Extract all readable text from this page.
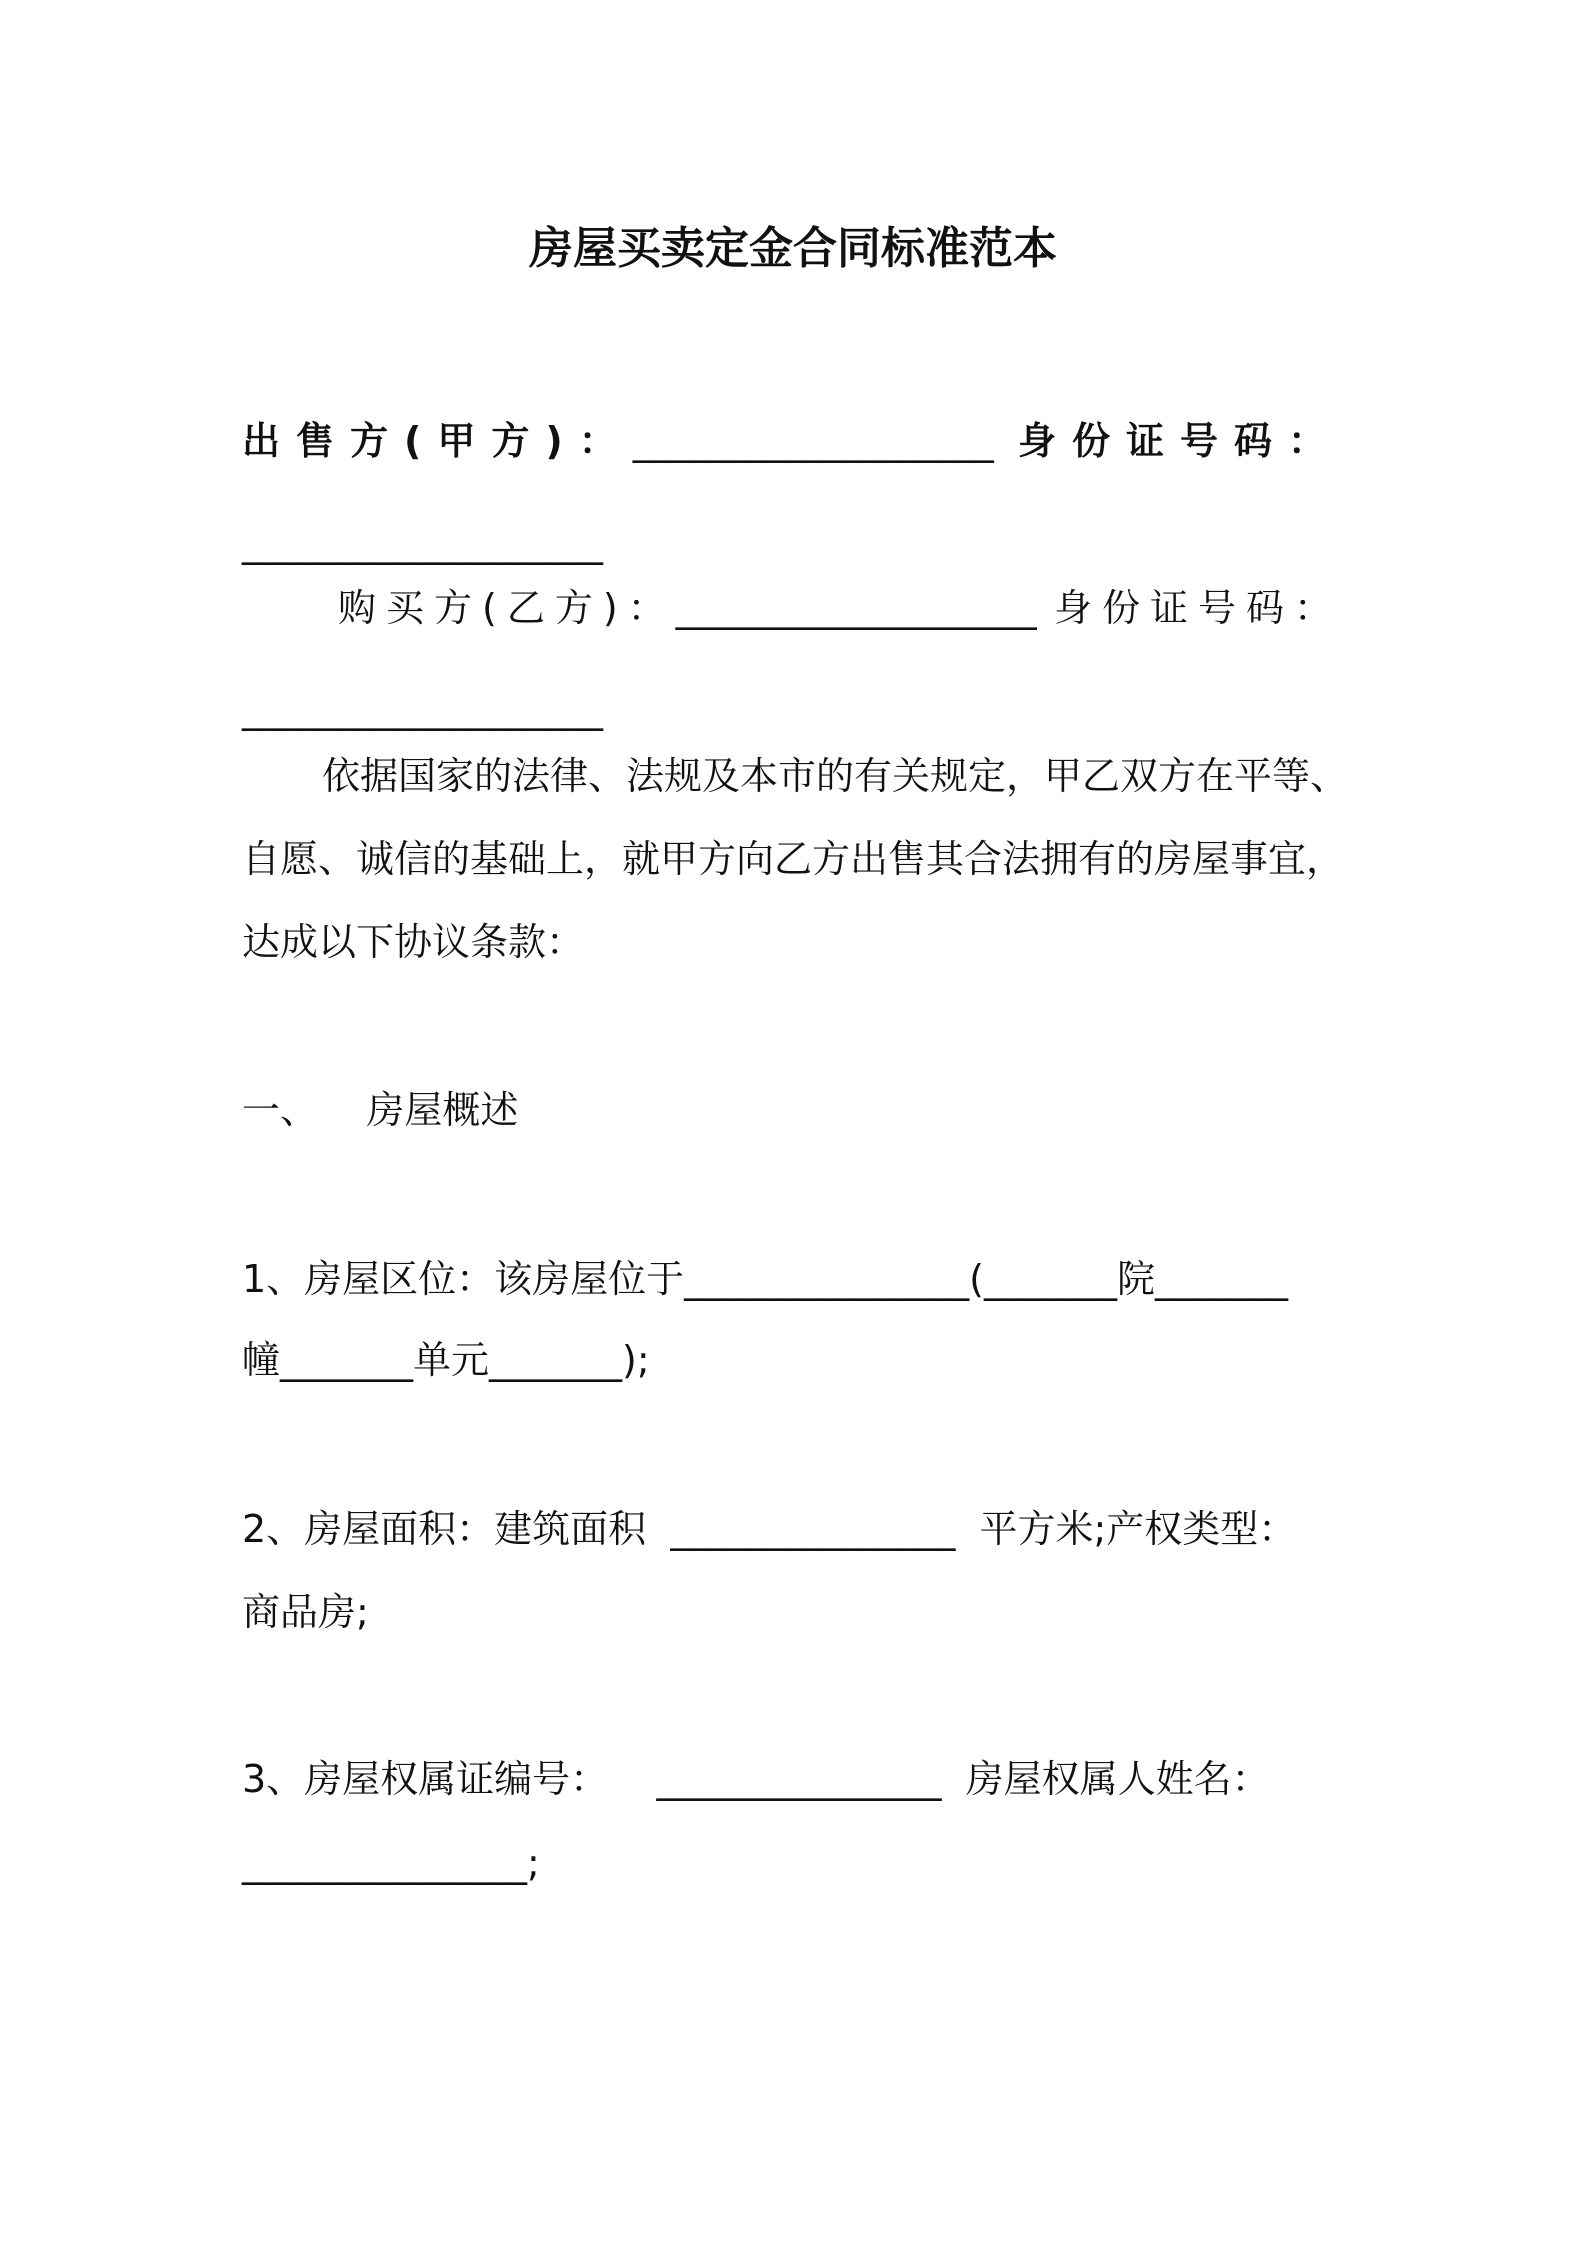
房屋买卖定金合同标准范本
出售方(甲方)：___________________ 身份证号码：

___________________

购买方(乙方)：___________________ 身份证号码：

___________________

依据国家的法律、法规及本市的有关规定，甲乙双方在平等、

自愿、诚信的基础上，就甲方向乙方出售其合法拥有的房屋事宜，

达成以下协议条款：

一、    房屋概述

1、房屋区位：该房屋位于_______________(_______院_______

幢_______单元_______);

2、房屋面积：建筑面积  _______________  平方米;产权类型：

商品房;

3、房屋权属证编号：    _______________  房屋权属人姓名：

_______________;
